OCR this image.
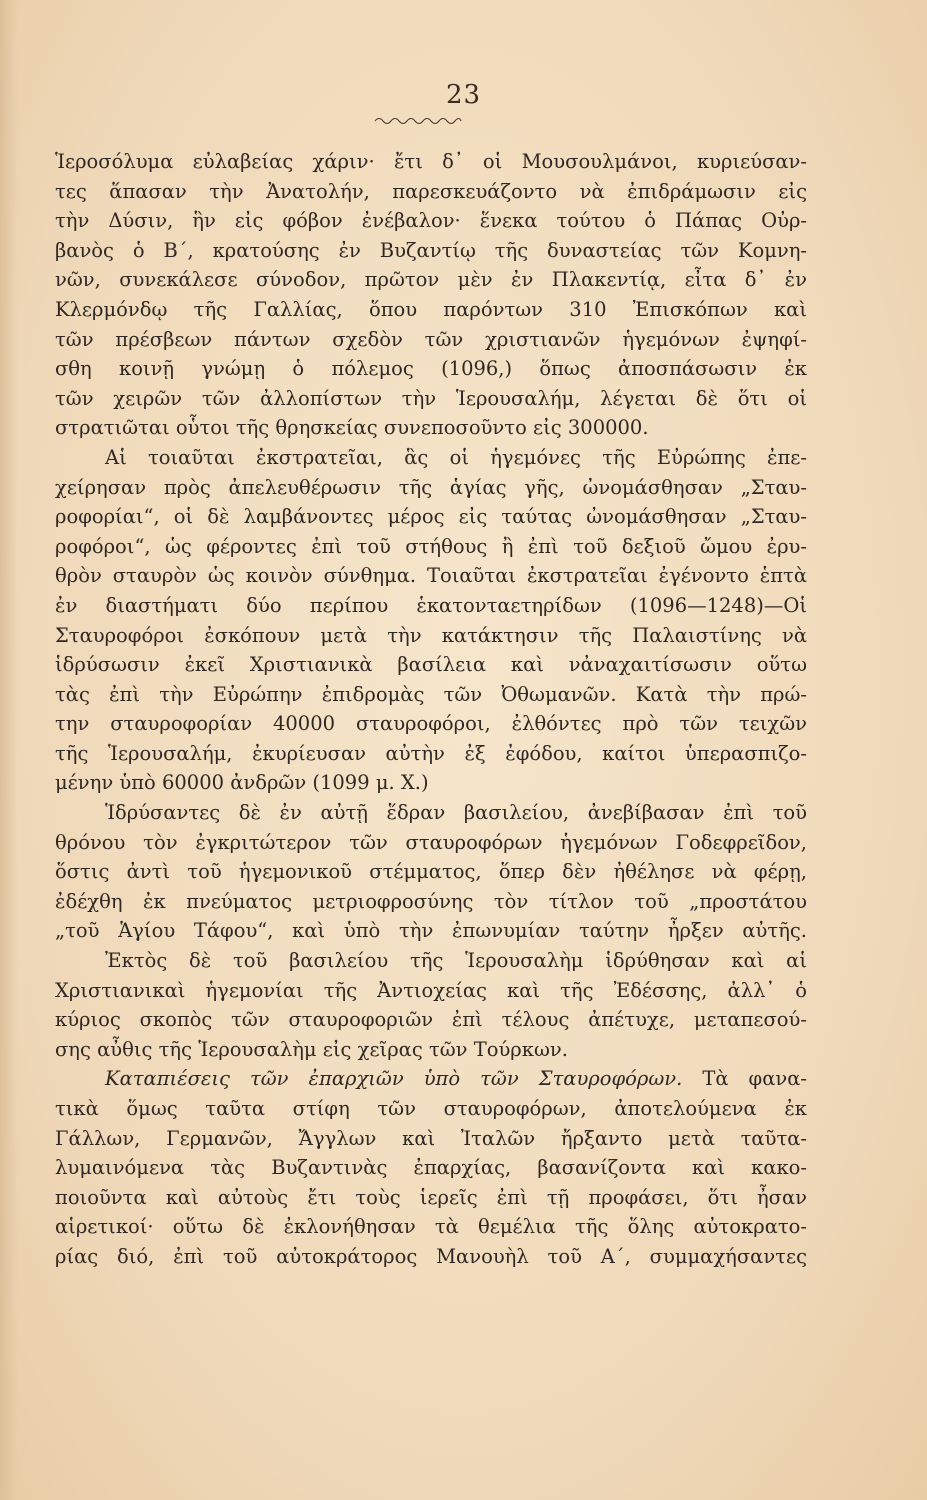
23
Ἱεροσόλυμα εὐλαβείας χάριν· ἔτι δ᾽ οἱ Μουσουλμάνοι, κυριεύσαν-
τες ἅπασαν τὴν Ἀνατολήν, παρεσκευάζοντο νὰ ἐπιδράμωσιν εἰς
τὴν Δύσιν, ἣν εἰς φόβον ἐνέβαλον· ἕνεκα τούτου ὁ Πάπας Οὐρ-
βανὸς ὁ Β΄, κρατούσης ἐν Βυζαντίῳ τῆς δυναστείας τῶν Κομνη-
νῶν, συνεκάλεσε σύνοδον, πρῶτον μὲν ἐν Πλακεντίᾳ, εἶτα δ᾽ ἐν
Κλερμόνδῳ τῆς Γαλλίας, ὅπου παρόντων 310 Ἐπισκόπων καὶ
τῶν πρέσβεων πάντων σχεδὸν τῶν χριστιανῶν ἡγεμόνων ἐψηφί-
σθη κοινῇ γνώμῃ ὁ πόλεμος (1096,) ὅπως ἀποσπάσωσιν ἐκ
τῶν χειρῶν τῶν ἀλλοπίστων τὴν Ἱερουσαλήμ, λέγεται δὲ ὅτι οἱ
στρατιῶται οὗτοι τῆς θρησκείας συνεποσοῦντο εἰς 300000.
Αἱ τοιαῦται ἐκστρατεῖαι, ἃς οἱ ἡγεμόνες τῆς Εὐρώπης ἐπε-
χείρησαν πρὸς ἀπελευθέρωσιν τῆς ἁγίας γῆς, ὠνομάσθησαν „Σταυ-
ροφορίαι“, οἱ δὲ λαμβάνοντες μέρος εἰς ταύτας ὠνομάσθησαν „Σταυ-
ροφόροι“, ὡς φέροντες ἐπὶ τοῦ στήθους ἢ ἐπὶ τοῦ δεξιοῦ ὤμου ἐρυ-
θρὸν σταυρὸν ὡς κοινὸν σύνθημα. Τοιαῦται ἐκστρατεῖαι ἐγένοντο ἑπτὰ
ἐν διαστήματι δύο περίπου ἑκατονταετηρίδων (1096—1248)—Οἱ
Σταυροφόροι ἐσκόπουν μετὰ τὴν κατάκτησιν τῆς Παλαιστίνης νὰ
ἱδρύσωσιν ἐκεῖ Χριστιανικὰ βασίλεια καὶ νἀναχαιτίσωσιν οὕτω
τὰς ἐπὶ τὴν Εὐρώπην ἐπιδρομὰς τῶν Ὀθωμανῶν. Κατὰ τὴν πρώ-
την σταυροφορίαν 40000 σταυροφόροι, ἐλθόντες πρὸ τῶν τειχῶν
τῆς Ἱερουσαλήμ, ἐκυρίευσαν αὐτὴν ἐξ ἐφόδου, καίτοι ὑπερασπιζο-
μένην ὑπὸ 60000 ἀνδρῶν (1099 μ. Χ.)
Ἱδρύσαντες δὲ ἐν αὐτῇ ἕδραν βασιλείου, ἀνεβίβασαν ἐπὶ τοῦ
θρόνου τὸν ἐγκριτώτερον τῶν σταυροφόρων ἡγεμόνων Γοδεφρεῖδον,
ὅστις ἀντὶ τοῦ ἡγεμονικοῦ στέμματος, ὅπερ δὲν ἠθέλησε νὰ φέρῃ,
ἐδέχθη ἐκ πνεύματος μετριοφροσύνης τὸν τίτλον τοῦ „προστάτου
„τοῦ Ἁγίου Τάφου“, καὶ ὑπὸ τὴν ἐπωνυμίαν ταύτην ἦρξεν αὐτῆς.
Ἐκτὸς δὲ τοῦ βασιλείου τῆς Ἱερουσαλὴμ ἱδρύθησαν καὶ αἱ
Χριστιανικαὶ ἡγεμονίαι τῆς Ἀντιοχείας καὶ τῆς Ἐδέσσης, ἀλλ᾽ ὁ
κύριος σκοπὸς τῶν σταυροφοριῶν ἐπὶ τέλους ἀπέτυχε, μεταπεσού-
σης αὖθις τῆς Ἱερουσαλὴμ εἰς χεῖρας τῶν Τούρκων.
Καταπιέσεις τῶν ἐπαρχιῶν ὑπὸ τῶν Σταυροφόρων. Τὰ φανα-
τικὰ ὅμως ταῦτα στίφη τῶν σταυροφόρων, ἀποτελούμενα ἐκ
Γάλλων, Γερμανῶν, Ἄγγλων καὶ Ἰταλῶν ἤρξαντο μετὰ ταῦτα-
λυμαινόμενα τὰς Βυζαντινὰς ἐπαρχίας, βασανίζοντα καὶ κακο-
ποιοῦντα καὶ αὐτοὺς ἔτι τοὺς ἱερεῖς ἐπὶ τῇ προφάσει, ὅτι ἦσαν
αἱρετικοί· οὕτω δὲ ἐκλονήθησαν τὰ θεμέλια τῆς ὅλης αὐτοκρατο-
ρίας διό, ἐπὶ τοῦ αὐτοκράτορος Μανουὴλ τοῦ Α΄, συμμαχήσαντες
